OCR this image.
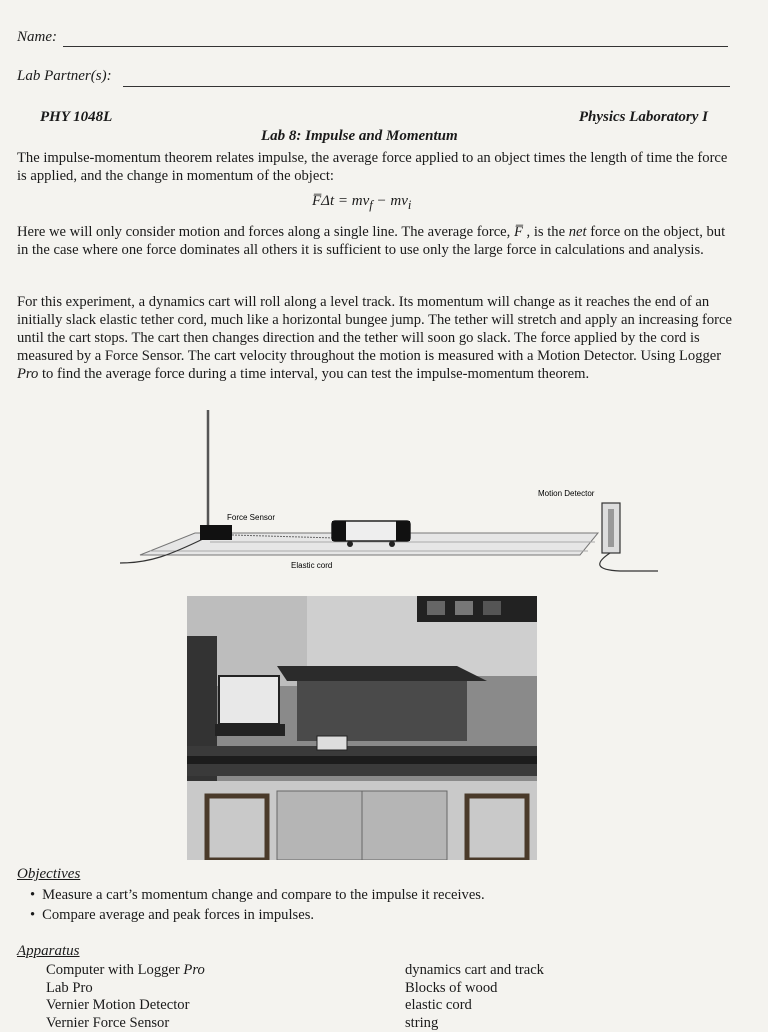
Name:
Lab Partner(s):
PHY 1048L	Physics Laboratory I
Lab 8: Impulse and Momentum

The impulse-momentum theorem relates impulse, the average force applied to an object times the length of time the force is applied, and the change in momentum of the object:

F̅Δt = $mv_f - mv_i$

Here we will only consider motion and forces along a single line. The average force, F̅ , is the net force on the object, but in the case where one force dominates all others it is sufficient to use only the large force in calculations and analysis.

For this experiment, a dynamics cart will roll along a level track. Its momentum will change as it reaches the end of an initially slack elastic tether cord, much like a horizontal bungee jump. The tether will stretch and apply an increasing force until the cart stops. The cart then changes direction and the tether will soon go slack. The force applied by the cord is measured by a Force Sensor. The cart velocity throughout the motion is measured with a Motion Detector. Using Logger Pro to find the average force during a time interval, you can test the impulse-momentum theorem.

Force Sensor
Motion Detector
Elastic cord
Objectives
• Measure a cart’s momentum change and compare to the impulse it receives.
• Compare average and peak forces in impulses.
Apparatus
Computer with Logger Pro
Lab Pro
Vernier Motion Detector
Vernier Force Sensor
dynamics cart and track
Blocks of wood
elastic cord
string
